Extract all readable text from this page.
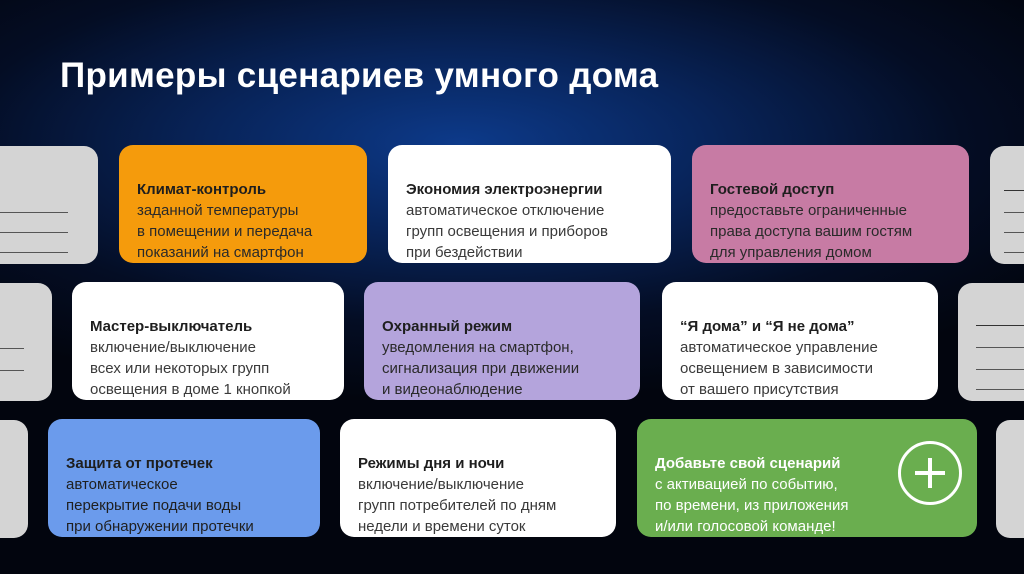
Примеры сценариев умного дома
Климат-контроль
заданной температуры
в помещении и передача
показаний на смартфон
Экономия электроэнергии
автоматическое отключение
групп освещения и приборов
при бездействии
Гостевой доступ
предоставьте ограниченные
права доступа вашим гостям
для управления домом
Мастер-выключатель
включение/выключение
всех или некоторых групп
освещения в доме 1 кнопкой
Охранный режим
уведомления на смартфон,
сигнализация при движении
и видеонаблюдение
“Я дома” и “Я не дома”
автоматическое управление
освещением в зависимости
от вашего присутствия
Защита от протечек
автоматическое
перекрытие подачи воды
при обнаружении протечки
Режимы дня и ночи
включение/выключение
групп потребителей по дням
недели и времени суток
Добавьте свой сценарий
с активацией по событию,
по времени, из приложения
и/или голосовой команде!
